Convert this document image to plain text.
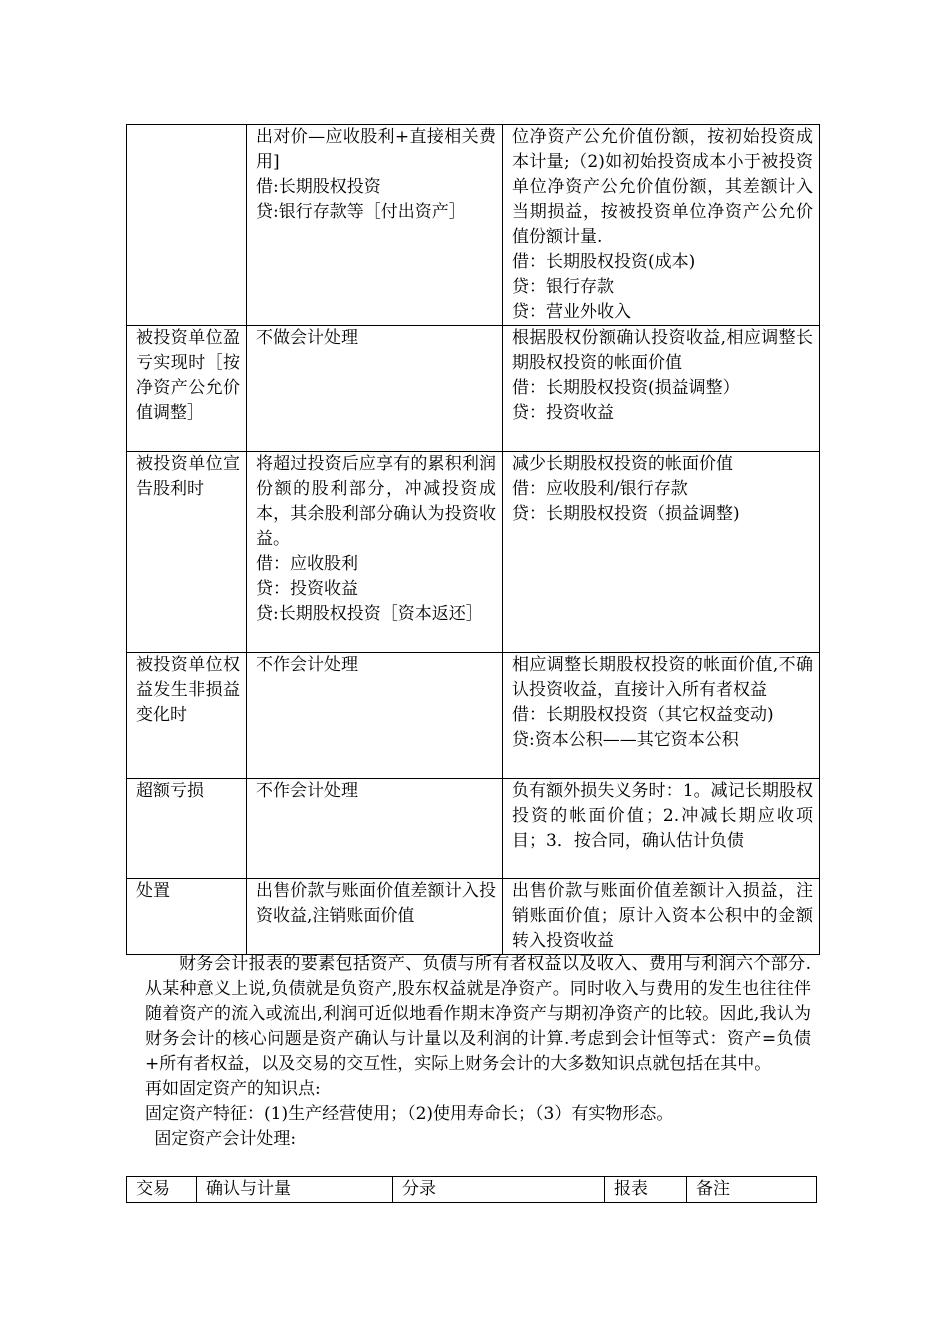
	出对价—应收股利+直接相关费用]
借:长期股权投资
贷:银行存款等［付出资产］	位净资产公允价值份额，按初始投资成本计量;（2)如初始投资成本小于被投资单位净资产公允价值份额，其差额计入当期损益，按被投资单位净资产公允价值份额计量.
借：长期股权投资(成本)
贷：银行存款
贷：营业外收入

被投资单位盈亏实现时［按净资产公允价值调整］	不做会计处理	根据股权份额确认投资收益,相应调整长期股权投资的帐面价值
借：长期股权投资(损益调整）
贷：投资收益

被投资单位宣告股利时	将超过投资后应享有的累积利润份额的股利部分，冲减投资成本，其余股利部分确认为投资收益。
借：应收股利
贷：投资收益
贷:长期股权投资［资本返还］	减少长期股权投资的帐面价值
借：应收股利/银行存款
贷：长期股权投资（损益调整)

被投资单位权益发生非损益变化时	不作会计处理	相应调整长期股权投资的帐面价值,不确认投资收益，直接计入所有者权益
借：长期股权投资（其它权益变动)
贷:资本公积——其它资本公积

超额亏损	不作会计处理	负有额外损失义务时：1。减记长期股权投资的帐面价值；2.冲减长期应收项目；3．按合同，确认估计负债

处置	出售价款与账面价值差额计入投资收益,注销账面价值	出售价款与账面价值差额计入损益，注销账面价值；原计入资本公积中的金额转入投资收益

财务会计报表的要素包括资产、负债与所有者权益以及收入、费用与利润六个部分.从某种意义上说,负债就是负资产,股东权益就是净资产。同时收入与费用的发生也往往伴随着资产的流入或流出,利润可近似地看作期末净资产与期初净资产的比较。因此,我认为财务会计的核心问题是资产确认与计量以及利润的计算.考虑到会计恒等式：资产=负债+所有者权益，以及交易的交互性，实际上财务会计的大多数知识点就包括在其中。

再如固定资产的知识点:

固定资产特征：(1)生产经营使用；（2)使用寿命长；（3）有实物形态。

固定资产会计处理:

交易	确认与计量	分录	报表	备注
